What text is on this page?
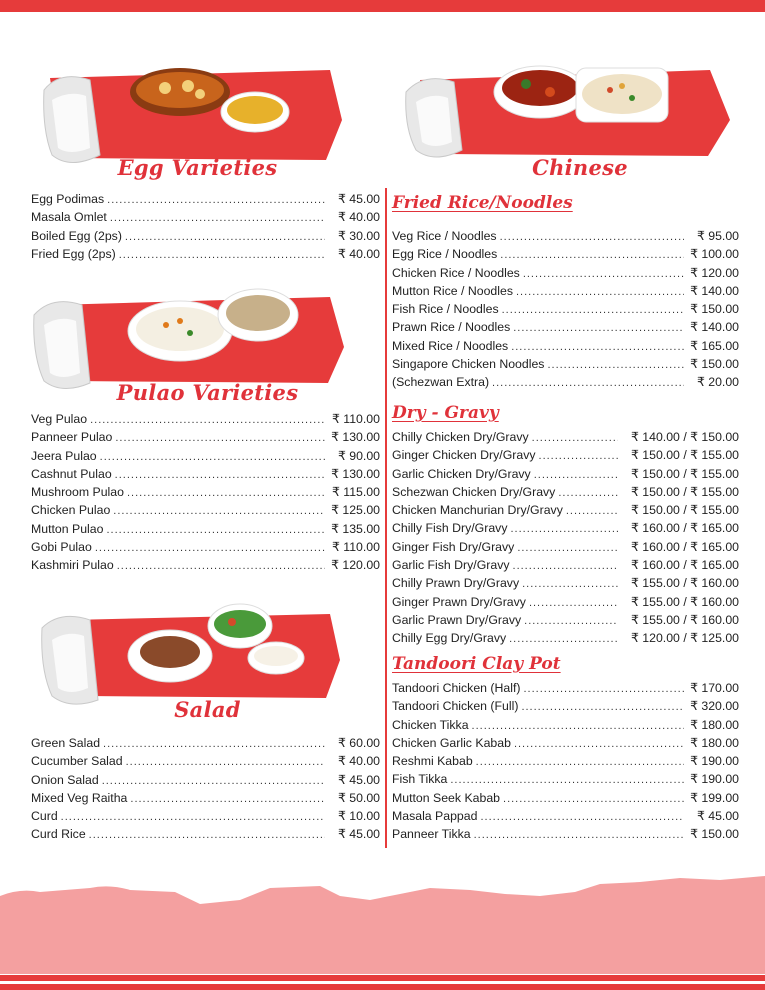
Egg Varieties	Chinese
Pulao Varieties
Salad
Egg Podimas .....	₹ 45.00
Masala Omlet .....	₹ 40.00
Boiled Egg (2ps) .....	₹ 30.00
Fried Egg (2ps) .....	₹ 40.00
Veg Pulao .....	₹ 110.00
Panneer Pulao .....	₹ 130.00
Jeera Pulao .....	₹ 90.00
Cashnut Pulao .....	₹ 130.00
Mushroom Pulao .....	₹ 115.00
Chicken Pulao .....	₹ 125.00
Mutton Pulao .....	₹ 135.00
Gobi Pulao .....	₹ 110.00
Kashmiri Pulao .....	₹ 120.00
Green Salad .....	₹ 60.00
Cucumber Salad .....	₹ 40.00
Onion Salad .....	₹ 45.00
Mixed Veg Raitha .....	₹ 50.00
Curd .....	₹ 10.00
Curd Rice .....	₹ 45.00
Fried Rice/Noodles
Veg Rice / Noodles .....	₹ 95.00
Egg Rice / Noodles .....	₹ 100.00
Chicken Rice / Noodles .....	₹ 120.00
Mutton Rice / Noodles .....	₹ 140.00
Fish Rice / Noodles .....	₹ 150.00
Prawn Rice / Noodles .....	₹ 140.00
Mixed Rice / Noodles .....	₹ 165.00
Singapore Chicken Noodles .....	₹ 150.00
(Schezwan Extra) .....	₹ 20.00
Dry - Gravy
Chilly Chicken Dry/Gravy .....	₹ 140.00 / ₹ 150.00
Ginger Chicken Dry/Gravy .....	₹ 150.00 / ₹ 155.00
Garlic Chicken Dry/Gravy .....	₹ 150.00 / ₹ 155.00
Schezwan Chicken Dry/Gravy .....	₹ 150.00 / ₹ 155.00
Chicken Manchurian Dry/Gravy .....	₹ 150.00 / ₹ 155.00
Chilly Fish Dry/Gravy .....	₹ 160.00 / ₹ 165.00
Ginger Fish Dry/Gravy .....	₹ 160.00 / ₹ 165.00
Garlic Fish Dry/Gravy .....	₹ 160.00 / ₹ 165.00
Chilly Prawn Dry/Gravy .....	₹ 155.00 / ₹ 160.00
Ginger Prawn Dry/Gravy .....	₹ 155.00 / ₹ 160.00
Garlic Prawn Dry/Gravy .....	₹ 155.00 / ₹ 160.00
Chilly Egg Dry/Gravy .....	₹ 120.00 / ₹ 125.00
Tandoori Clay Pot
Tandoori Chicken (Half) .....	₹ 170.00
Tandoori Chicken (Full) .....	₹ 320.00
Chicken Tikka .....	₹ 180.00
Chicken Garlic Kabab .....	₹ 180.00
Reshmi Kabab .....	₹ 190.00
Fish Tikka .....	₹ 190.00
Mutton Seek Kabab .....	₹ 199.00
Masala Pappad .....	₹ 45.00
Panneer Tikka .....	₹ 150.00
